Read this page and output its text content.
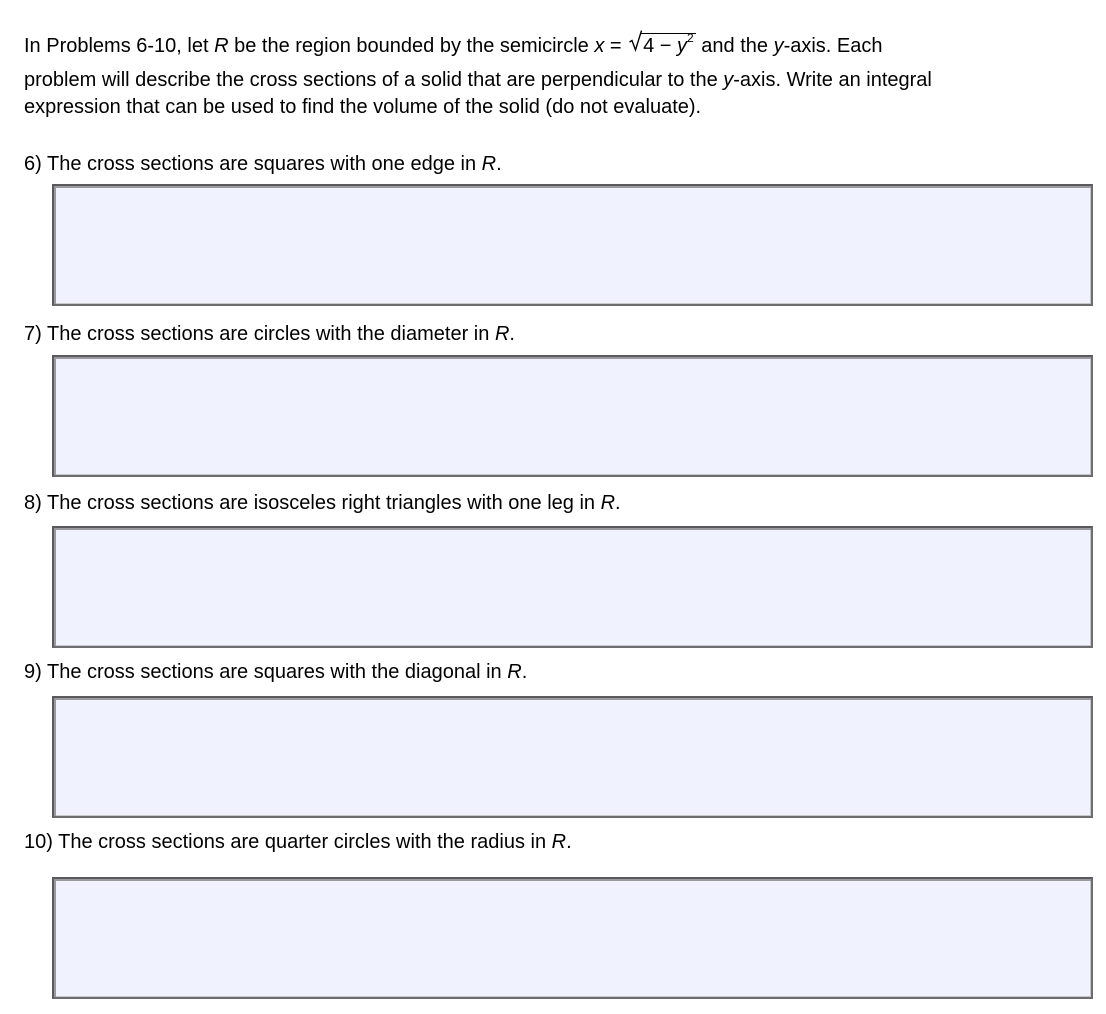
In Problems 6-10, let R be the region bounded by the semicircle x =
$4 - y^2$ and the y-axis. Each
problem will describe the cross sections of a solid that are perpendicular to the y-axis. Write an integral
expression that can be used to find the volume of the solid (do not evaluate).
6) The cross sections are squares with one edge in R.
7) The cross sections are circles with the diameter in R.
8) The cross sections are isosceles right triangles with one leg in R.
9) The cross sections are squares with the diagonal in R.
10) The cross sections are quarter circles with the radius in R.
